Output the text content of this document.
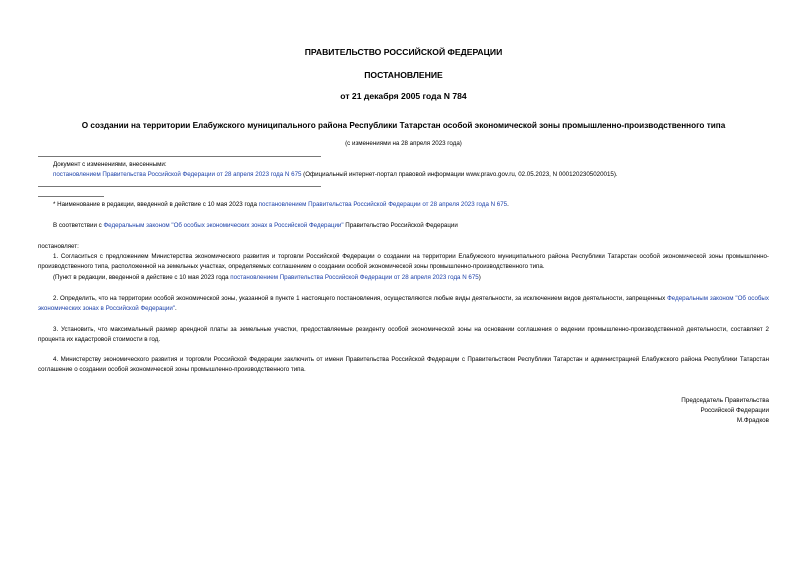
ПРАВИТЕЛЬСТВО РОССИЙСКОЙ ФЕДЕРАЦИИ
ПОСТАНОВЛЕНИЕ
от 21 декабря 2005 года N 784
О создании на территории Елабужского муниципального района Республики Татарстан особой экономической зоны промышленно-производственного типа
(с изменениями на 28 апреля 2023 года)
Документ с изменениями, внесенными:
постановлением Правительства Российской Федерации от 28 апреля 2023 года N 675 (Официальный интернет-портал правовой информации www.pravo.gov.ru, 02.05.2023, N 0001202305020015).
* Наименование в редакции, введенной в действие с 10 мая 2023 года постановлением Правительства Российской Федерации от 28 апреля 2023 года N 675.
В соответствии с Федеральным законом "Об особых экономических зонах в Российской Федерации" Правительство Российской Федерации
постановляет:
1. Согласиться с предложением Министерства экономического развития и торговли Российской Федерации о создании на территории Елабужского муниципального района Республики Татарстан особой экономической зоны промышленно-производственного типа, расположенной на земельных участках, определяемых соглашением о создании особой экономической зоны промышленно-производственного типа.
(Пункт в редакции, введенной в действие с 10 мая 2023 года постановлением Правительства Российской Федерации от 28 апреля 2023 года N 675)
2. Определить, что на территории особой экономической зоны, указанной в пункте 1 настоящего постановления, осуществляются любые виды деятельности, за исключением видов деятельности, запрещенных Федеральным законом "Об особых экономических зонах в Российской Федерации".
3. Установить, что максимальный размер арендной платы за земельные участки, предоставляемые резиденту особой экономической зоны на основании соглашения о ведении промышленно-производственной деятельности, составляет 2 процента их кадастровой стоимости в год.
4. Министерству экономического развития и торговли Российской Федерации заключить от имени Правительства Российской Федерации с Правительством Республики Татарстан и администрацией Елабужского района Республики Татарстан соглашение о создании особой экономической зоны промышленно-производственного типа.
Председатель Правительства
Российской Федерации
М.Фрадков
